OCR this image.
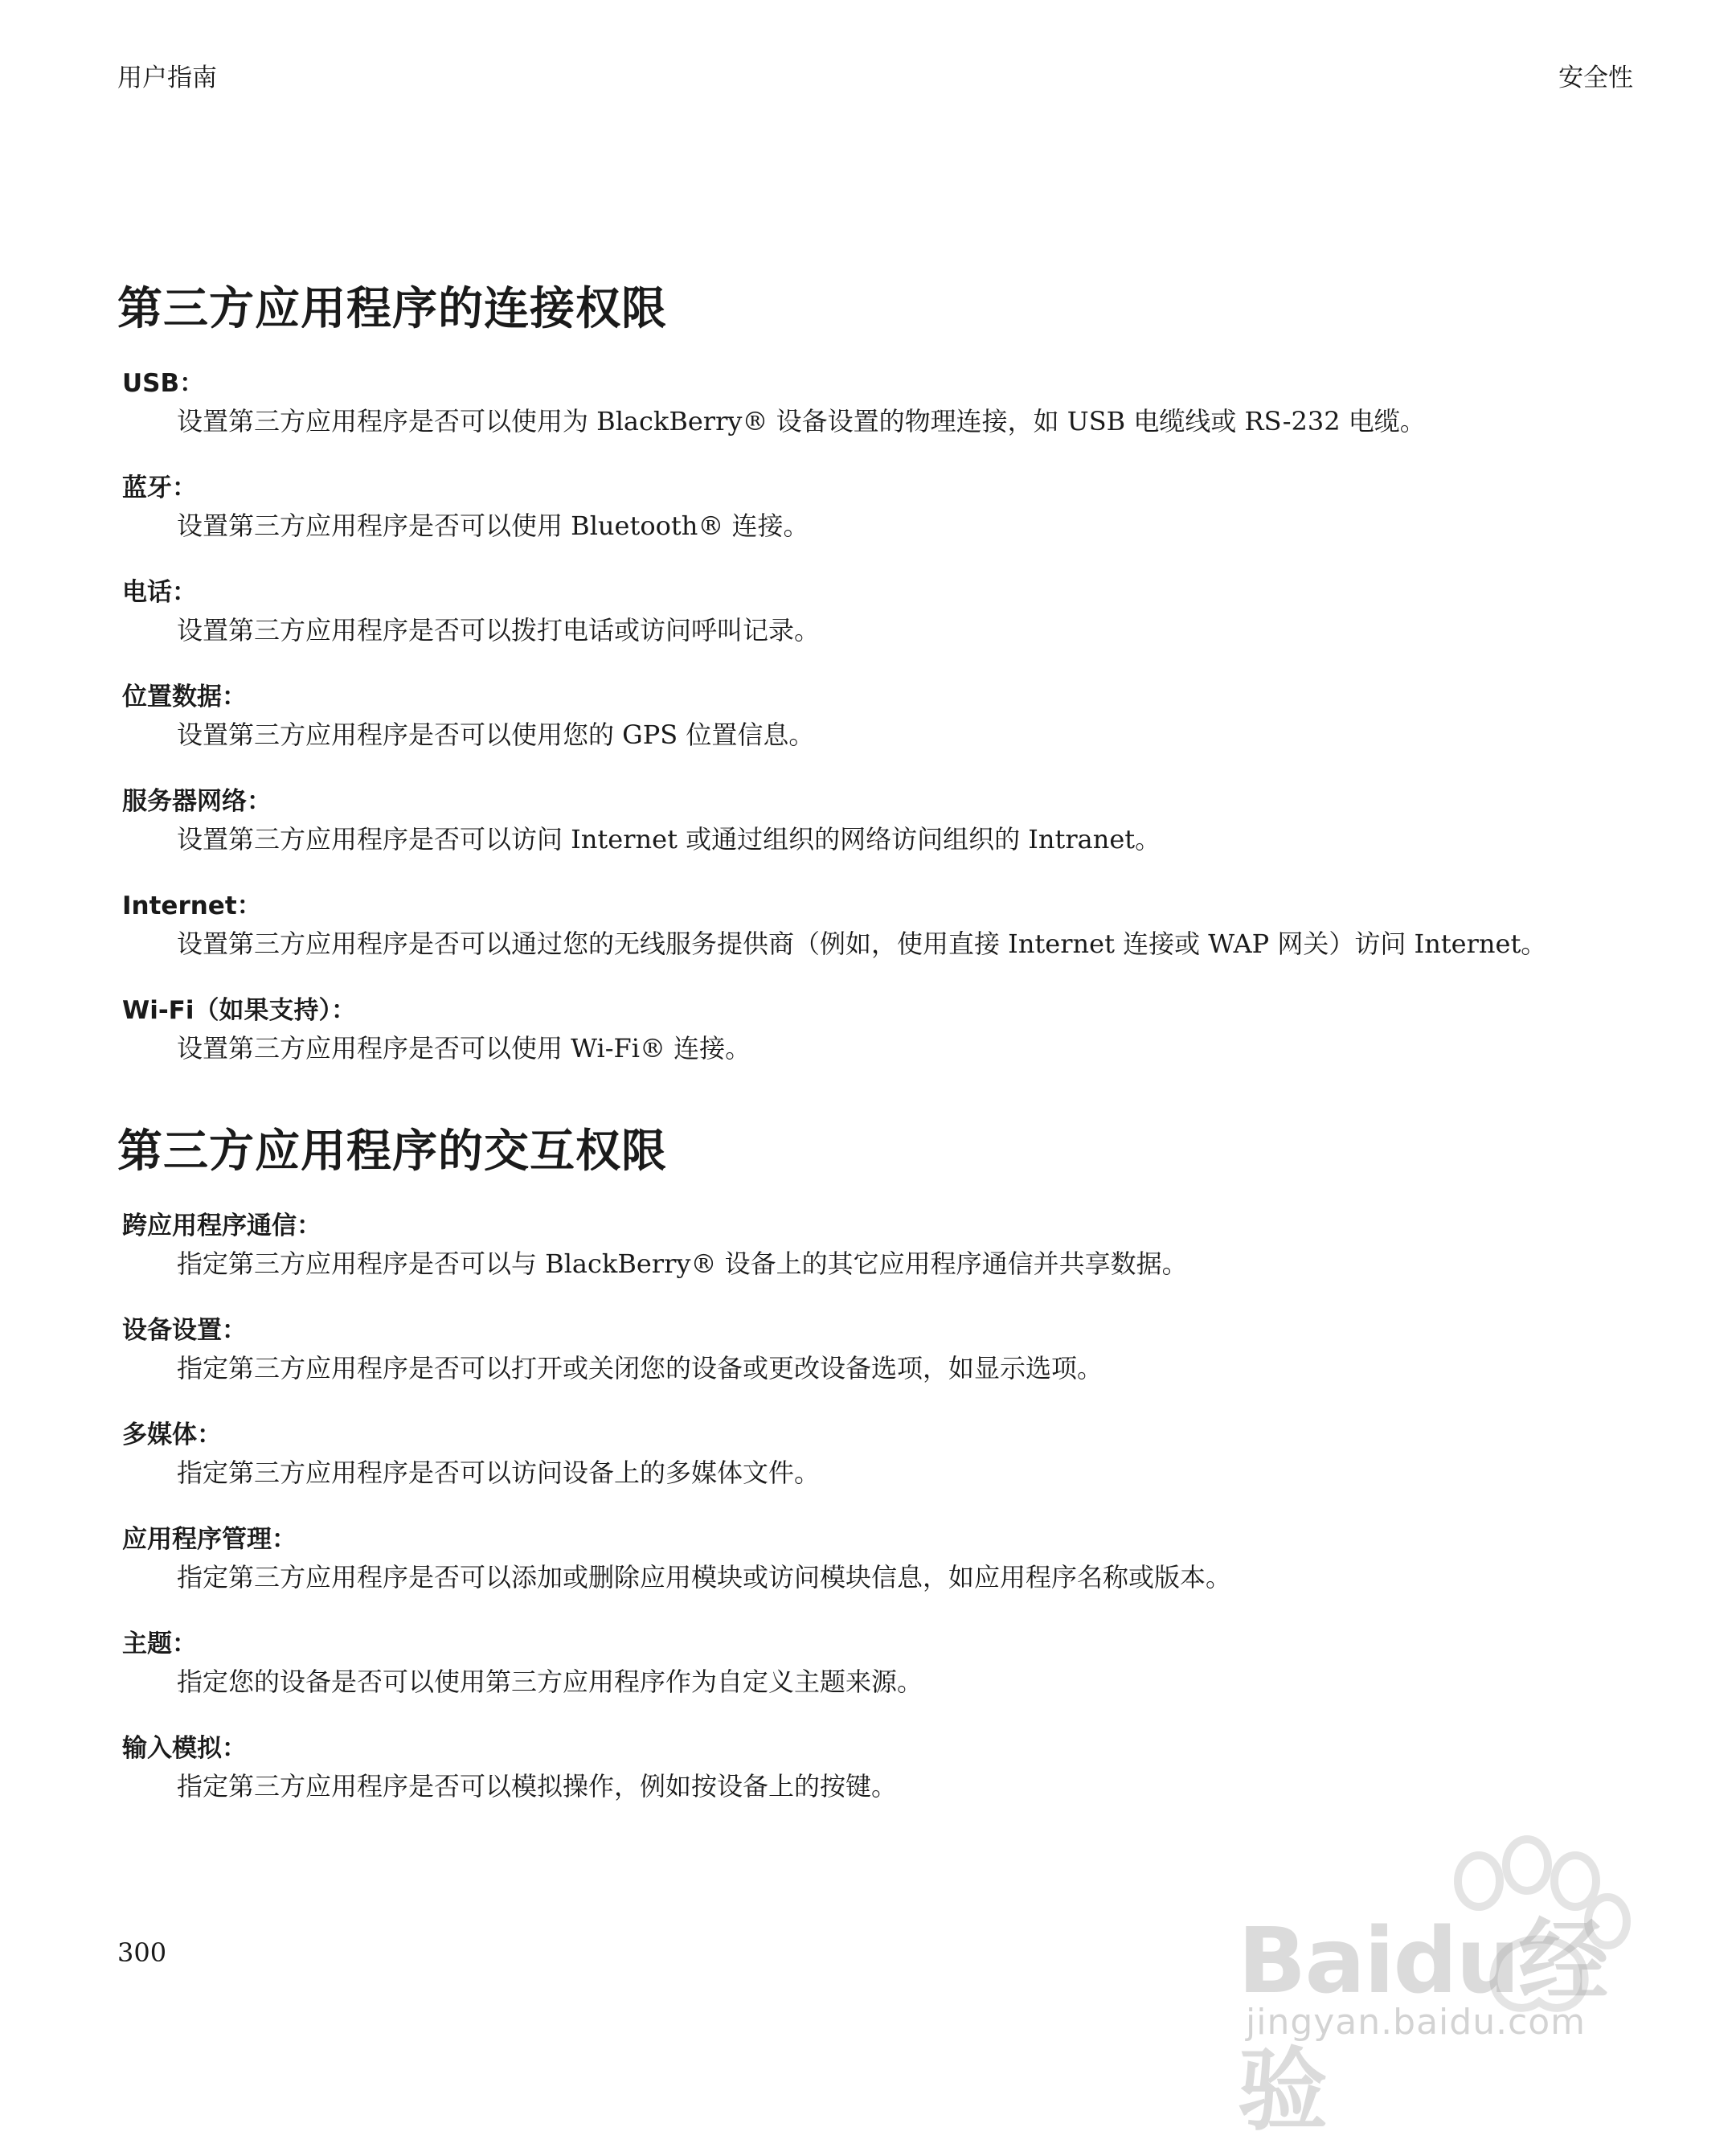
用户指南	安全性
第三方应用程序的连接权限

USB：

设置第三方应用程序是否可以使用为 BlackBerry® 设备设置的物理连接，如 USB 电缆线或 RS-232 电缆。

蓝牙：

设置第三方应用程序是否可以使用 Bluetooth® 连接。

电话：

设置第三方应用程序是否可以拨打电话或访问呼叫记录。

位置数据：

设置第三方应用程序是否可以使用您的 GPS 位置信息。

服务器网络：

设置第三方应用程序是否可以访问 Internet 或通过组织的网络访问组织的 Intranet。

Internet：

设置第三方应用程序是否可以通过您的无线服务提供商（例如，使用直接 Internet 连接或 WAP 网关）访问 Internet。

Wi-Fi（如果支持）：

设置第三方应用程序是否可以使用 Wi-Fi® 连接。

第三方应用程序的交互权限

跨应用程序通信：

指定第三方应用程序是否可以与 BlackBerry® 设备上的其它应用程序通信并共享数据。

设备设置：

指定第三方应用程序是否可以打开或关闭您的设备或更改设备选项，如显示选项。

多媒体：

指定第三方应用程序是否可以访问设备上的多媒体文件。

应用程序管理：

指定第三方应用程序是否可以添加或删除应用模块或访问模块信息，如应用程序名称或版本。

主题：

指定您的设备是否可以使用第三方应用程序作为自定义主题来源。

输入模拟：

指定第三方应用程序是否可以模拟操作，例如按设备上的按键。

300	Baidu经验
jingyan.baidu.com
